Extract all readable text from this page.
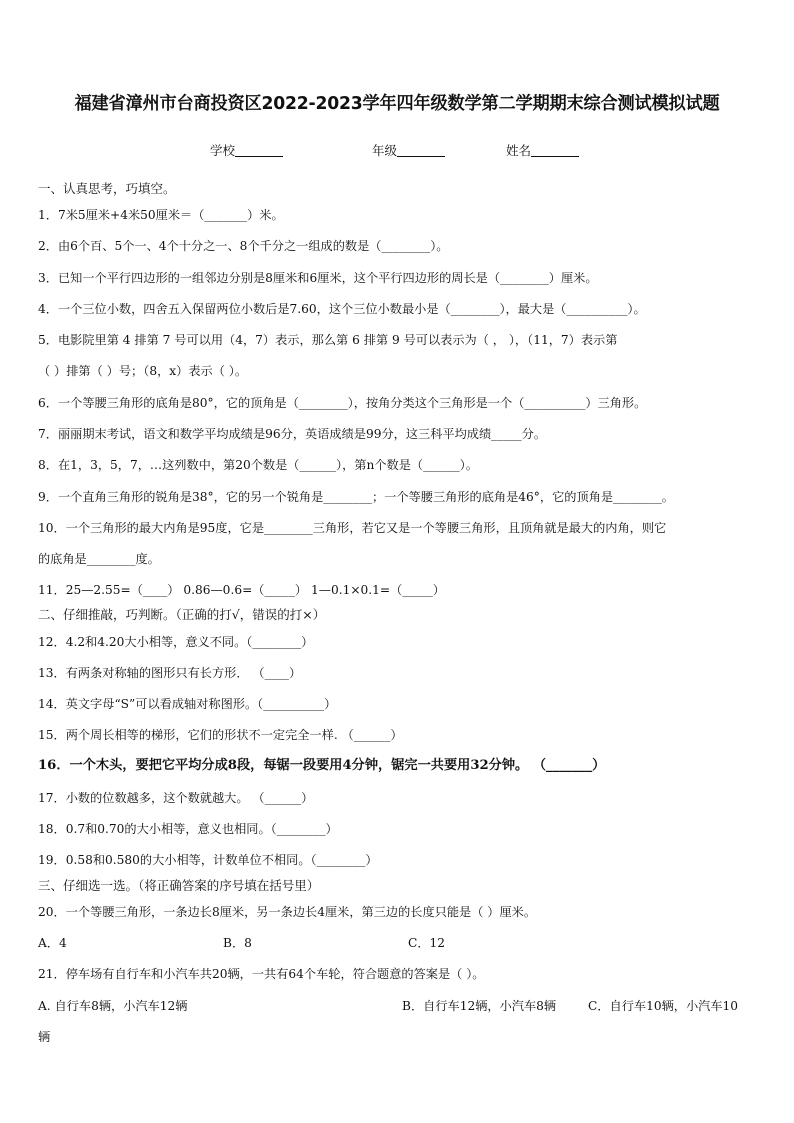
福建省漳州市台商投资区2022-2023学年四年级数学第二学期期末综合测试模拟试题
学校	年级	姓名
一、认真思考，巧填空。
1．7米5厘米+4米50厘米＝（_______）米。
2．由6个百、5个一、4个十分之一、8个千分之一组成的数是（________）。
3．已知一个平行四边形的一组邻边分别是8厘米和6厘米，这个平行四边形的周长是（________）厘米。
4．一个三位小数，四舍五入保留两位小数后是7.60，这个三位小数最小是（________），最大是（__________）。
5．电影院里第 4 排第 7 号可以用（4，7）表示，那么第 6 排第 9 号可以表示为（ ， ），（11，7）表示第
（ ）排第（ ）号；（8，x）表示（ ）。
6．一个等腰三角形的底角是80°，它的顶角是（________），按角分类这个三角形是一个（__________）三角形。
7．丽丽期末考试，语文和数学平均成绩是96分，英语成绩是99分，这三科平均成绩_____分。
8．在1，3，5，7，…这列数中，第20个数是（______），第n个数是（______）。
9．一个直角三角形的锐角是38°，它的另一个锐角是________；一个等腰三角形的底角是46°，它的顶角是________。
10．一个三角形的最大内角是95度，它是________三角形，若它又是一个等腰三角形，且顶角就是最大的内角，则它
的底角是________度。
11．25—2.55=（____） 0.86—0.6=（_____） 1—0.1×0.1=（_____）
二、仔细推敲，巧判断。（正确的打√，错误的打×）
12．4.2和4.20大小相等，意义不同。（________）
13．有两条对称轴的图形只有长方形． （____）
14．英文字母“S”可以看成轴对称图形。（__________）
15．两个周长相等的梯形，它们的形状不一定完全一样. （______）
16．一个木头，要把它平均分成8段，每锯一段要用4分钟，锯完一共要用32分钟。 （_______）
17．小数的位数越多，这个数就越大。 （______）
18．0.7和0.70的大小相等，意义也相同。（________）
19．0.58和0.580的大小相等，计数单位不相同。（________）
三、仔细选一选。（将正确答案的序号填在括号里）
20．一个等腰三角形，一条边长8厘米，另一条边长4厘米，第三边的长度只能是（ ）厘米。
A．4	B．8	C．12
21．停车场有自行车和小汽车共20辆，一共有64个车轮，符合题意的答案是（ ）。
A. 自行车8辆，小汽车12辆	B．自行车12辆，小汽车8辆	C．自行车10辆，小汽车10
辆
